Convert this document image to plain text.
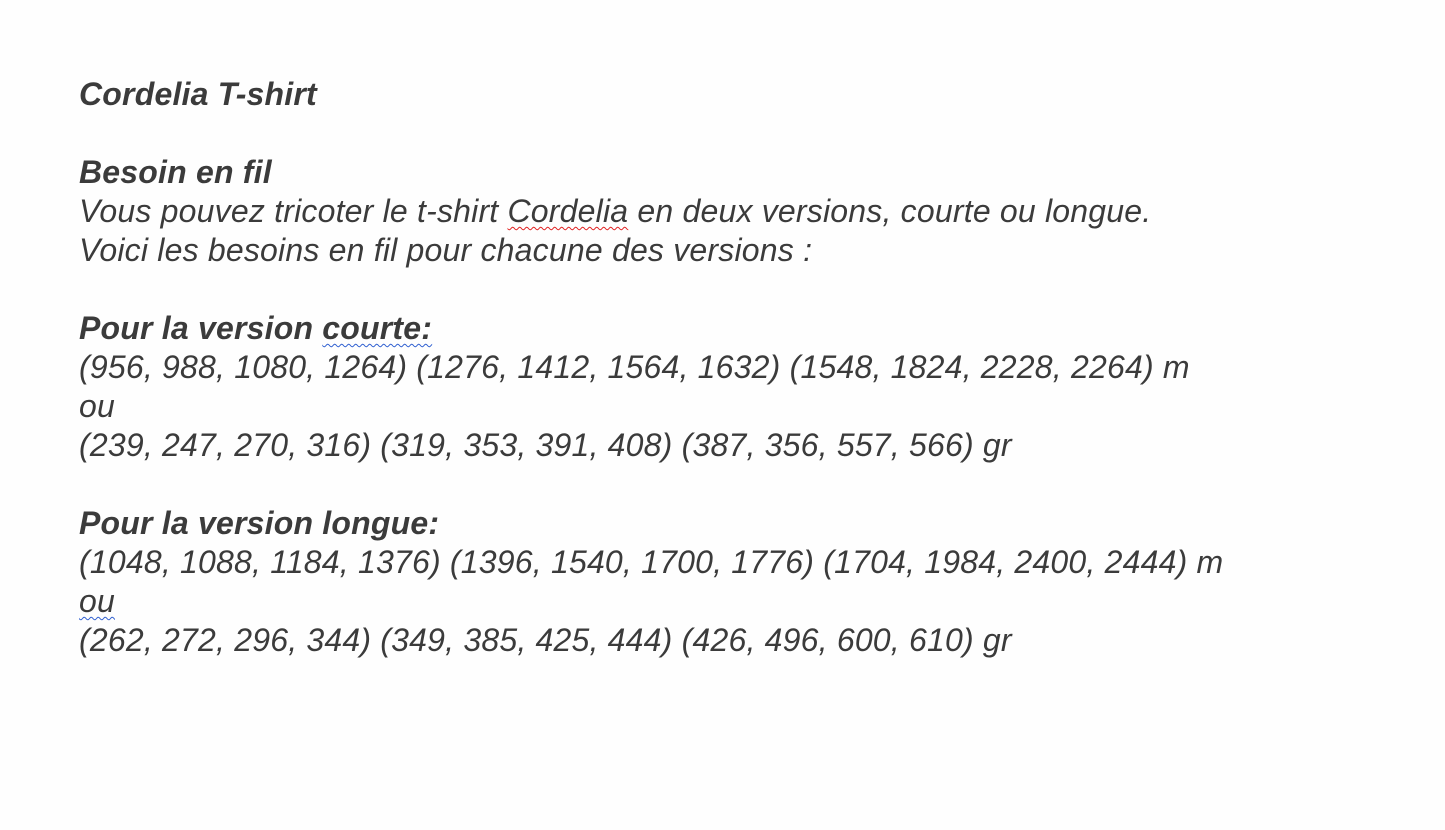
Cordelia T-shirt
Besoin en fil
Vous pouvez tricoter le t-shirt Cordelia en deux versions, courte ou longue.
Voici les besoins en fil pour chacune des versions :
Pour la version courte:
(956, 988, 1080, 1264) (1276, 1412, 1564, 1632) (1548, 1824, 2228, 2264) m
ou
(239, 247, 270, 316) (319, 353, 391, 408) (387, 356, 557, 566) gr
Pour la version longue:
(1048, 1088, 1184, 1376) (1396, 1540, 1700, 1776) (1704, 1984, 2400, 2444) m
ou
(262, 272, 296, 344) (349, 385, 425, 444) (426, 496, 600, 610) gr
